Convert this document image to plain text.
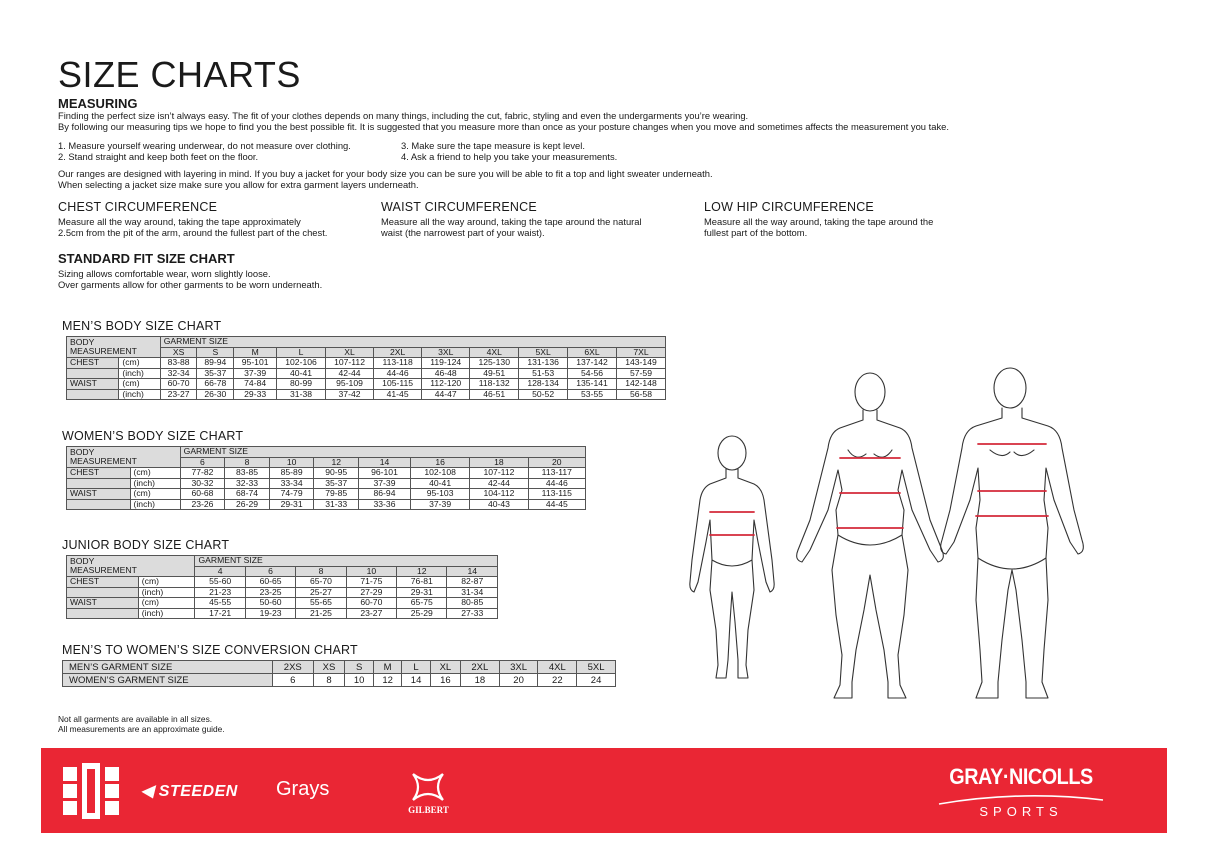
SIZE CHARTS
MEASURING
Finding the perfect size isn’t always easy. The fit of your clothes depends on many things, including the cut, fabric, styling and even the undergarments you’re wearing.
By following our measuring tips we hope to find you the best possible fit. It is suggested that you measure more than once as your posture changes when you move and sometimes affects the measurement you take.
1. Measure yourself wearing underwear, do not measure over clothing.
2. Stand straight and keep both feet on the floor.
3. Make sure the tape measure is kept level.
4. Ask a friend to help you take your measurements.
Our ranges are designed with layering in mind. If you buy a jacket for your body size you can be sure you will be able to fit a top and light sweater underneath.
When selecting a jacket size make sure you allow for extra garment layers underneath.
CHEST CIRCUMFERENCE

Measure all the way around, taking the tape approximately

2.5cm from the pit of the arm, around the fullest part of the chest.

WAIST CIRCUMFERENCE

Measure all the way around, taking the tape around the natural

waist (the narrowest part of your waist).

LOW HIP CIRCUMFERENCE

Measure all the way around, taking the tape around the

fullest part of the bottom.

STANDARD FIT SIZE CHART
Sizing allows comfortable wear, worn slightly loose.
Over garments allow for other garments to be worn underneath.
MEN’S BODY SIZE CHART
BODY
MEASUREMENT		GARMENT SIZE										
		XS	S	M	L	XL	2XL	3XL	4XL	5XL	6XL	7XL
CHEST	(cm)	83-88	89-94	95-101	102-106	107-112	113-118	119-124	125-130	131-136	137-142	143-149
	(inch)	32-34	35-37	37-39	40-41	42-44	44-46	46-48	49-51	51-53	54-56	57-59
WAIST	(cm)	60-70	66-78	74-84	80-99	95-109	105-115	112-120	118-132	128-134	135-141	142-148
	(inch)	23-27	26-30	29-33	31-38	37-42	41-45	44-47	46-51	50-52	53-55	56-58
WOMEN’S BODY SIZE CHART
BODY
MEASUREMENT		GARMENT SIZE							
		6	8	10	12	14	16	18	20
CHEST	(cm)	77-82	83-85	85-89	90-95	96-101	102-108	107-112	113-117
	(inch)	30-32	32-33	33-34	35-37	37-39	40-41	42-44	44-46
WAIST	(cm)	60-68	68-74	74-79	79-85	86-94	95-103	104-112	113-115
	(inch)	23-26	26-29	29-31	31-33	33-36	37-39	40-43	44-45
JUNIOR BODY SIZE CHART
BODY
MEASUREMENT		GARMENT SIZE					
		4	6	8	10	12	14
CHEST	(cm)	55-60	60-65	65-70	71-75	76-81	82-87
	(inch)	21-23	23-25	25-27	27-29	29-31	31-34
WAIST	(cm)	45-55	50-60	55-65	60-70	65-75	80-85
	(inch)	17-21	19-23	21-25	23-27	25-29	27-33
MEN’S TO WOMEN’S SIZE CONVERSION CHART
MEN’S GARMENT SIZE	2XS	XS	S	M	L	XL	2XL	3XL	4XL	5XL
WOMEN’S GARMENT SIZE	6	8	10	12	14	16	18	20	22	24
Not all garments are available in all sizes.
All measurements are an approximate guide.
◀ STEEDEN Grays
GILBERT
GRAY·NICOLLS
SPORTS
